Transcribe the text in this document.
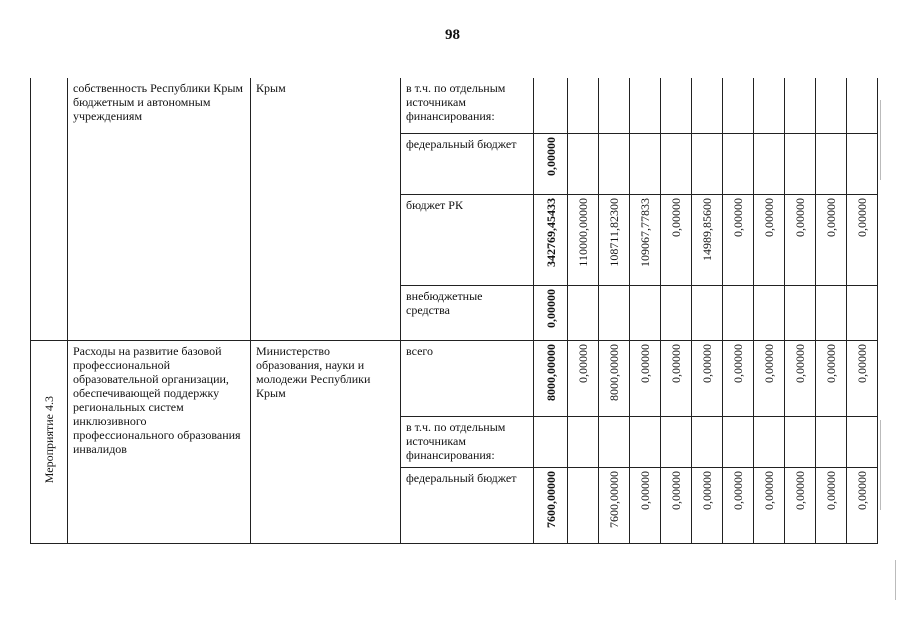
98
	собственность Республики Крым бюджетным и автономным учреждениям	Крым	в т.ч. по отдельным источникам финансирования:											
			федеральный бюджет	0,00000										
			бюджет РК	342769,45433	110000,00000	108711,82300	109067,77833	0,00000	14989,85600	0,00000	0,00000	0,00000	0,00000	0,00000
			внебюджетные средства	0,00000										
Мероприятие 4.3	Расходы на развитие базовой профессиональной образовательной организации, обеспечивающей поддержку региональных систем инклюзивного профессионального образования инвалидов	Министерство образования, науки и молодежи Республики Крым	всего	8000,00000	0,00000	8000,00000	0,00000	0,00000	0,00000	0,00000	0,00000	0,00000	0,00000	0,00000
			в т.ч. по отдельным источникам финансирования:											
			федеральный бюджет	7600,00000		7600,00000	0,00000	0,00000	0,00000	0,00000	0,00000	0,00000	0,00000	0,00000
